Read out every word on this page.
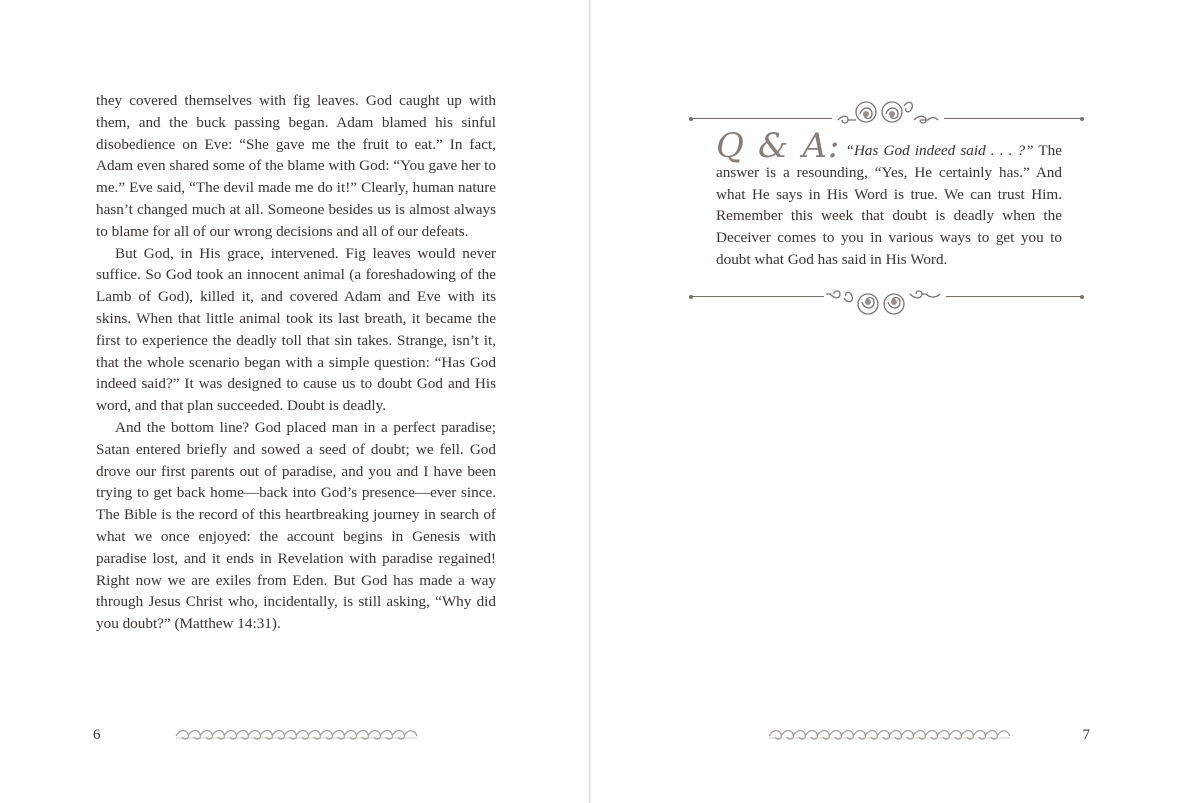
they covered themselves with fig leaves. God caught up with them, and the buck passing began. Adam blamed his sinful disobedience on Eve: “She gave me the fruit to eat.” In fact, Adam even shared some of the blame with God: “You gave her to me.” Eve said, “The devil made me do it!” Clearly, human nature hasn’t changed much at all. Someone besides us is almost always to blame for all of our wrong decisions and all of our defeats.

But God, in His grace, intervened. Fig leaves would never suffice. So God took an innocent animal (a foreshadowing of the Lamb of God), killed it, and covered Adam and Eve with its skins. When that little animal took its last breath, it became the first to experience the deadly toll that sin takes. Strange, isn’t it, that the whole scenario began with a simple question: “Has God indeed said?” It was designed to cause us to doubt God and His word, and that plan succeeded. Doubt is deadly.

And the bottom line? God placed man in a perfect paradise; Satan entered briefly and sowed a seed of doubt; we fell. God drove our first parents out of paradise, and you and I have been trying to get back home—back into God’s presence—ever since. The Bible is the record of this heartbreaking journey in search of what we once enjoyed: the account begins in Genesis with paradise lost, and it ends in Revelation with paradise regained! Right now we are exiles from Eden. But God has made a way through Jesus Christ who, incidentally, is still asking, “Why did you doubt?” (Matthew 14:31).

6
Q & A: “Has God indeed said . . . ?” The answer is a resounding, “Yes, He certainly has.” And what He says in His Word is true. We can trust Him. Remember this week that doubt is deadly when the Deceiver comes to you in various ways to get you to doubt what God has said in His Word.
7
